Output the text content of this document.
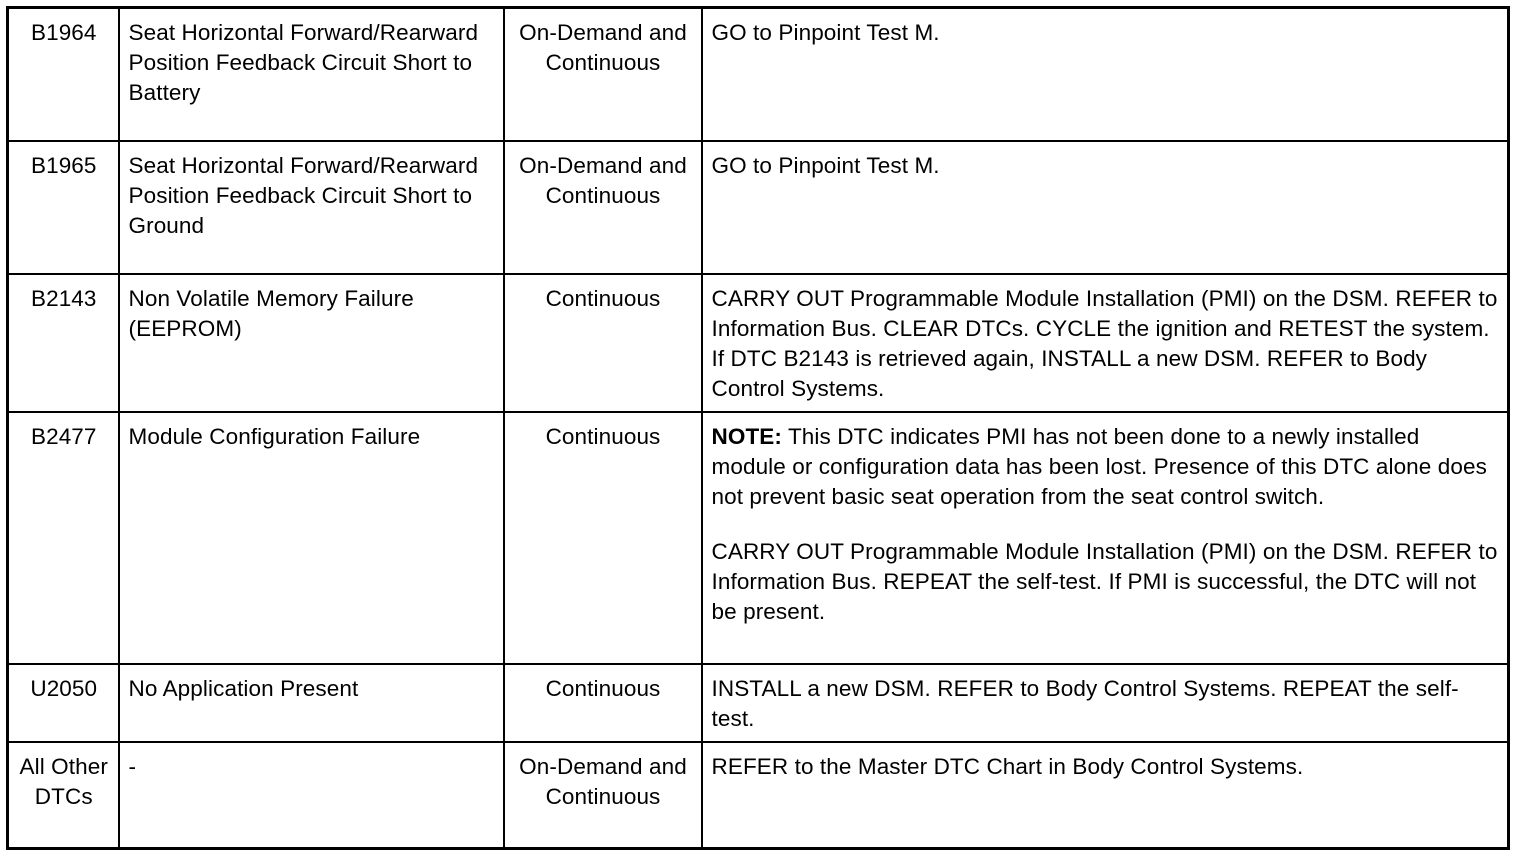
B1964	Seat Horizontal Forward/Rearward Position Feedback Circuit Short to Battery	On-Demand and Continuous	GO to Pinpoint Test M.

B1965	Seat Horizontal Forward/Rearward Position Feedback Circuit Short to Ground	On-Demand and Continuous	GO to Pinpoint Test M.

B2143	Non Volatile Memory Failure (EEPROM)	Continuous	CARRY OUT Programmable Module Installation (PMI) on the DSM. REFER to Information Bus. CLEAR DTCs. CYCLE the ignition and RETEST the system. If DTC B2143 is retrieved again, INSTALL a new DSM. REFER to Body Control Systems.

B2477	Module Configuration Failure	Continuous	NOTE: This DTC indicates PMI has not been done to a newly installed module or configuration data has been lost. Presence of this DTC alone does not prevent basic seat operation from the seat control switch.

CARRY OUT Programmable Module Installation (PMI) on the DSM. REFER to Information Bus. REPEAT the self-test. If PMI is successful, the DTC will not be present.

U2050	No Application Present	Continuous	INSTALL a new DSM. REFER to Body Control Systems. REPEAT the self-test.

All Other DTCs	-	On-Demand and Continuous	REFER to the Master DTC Chart in Body Control Systems.
